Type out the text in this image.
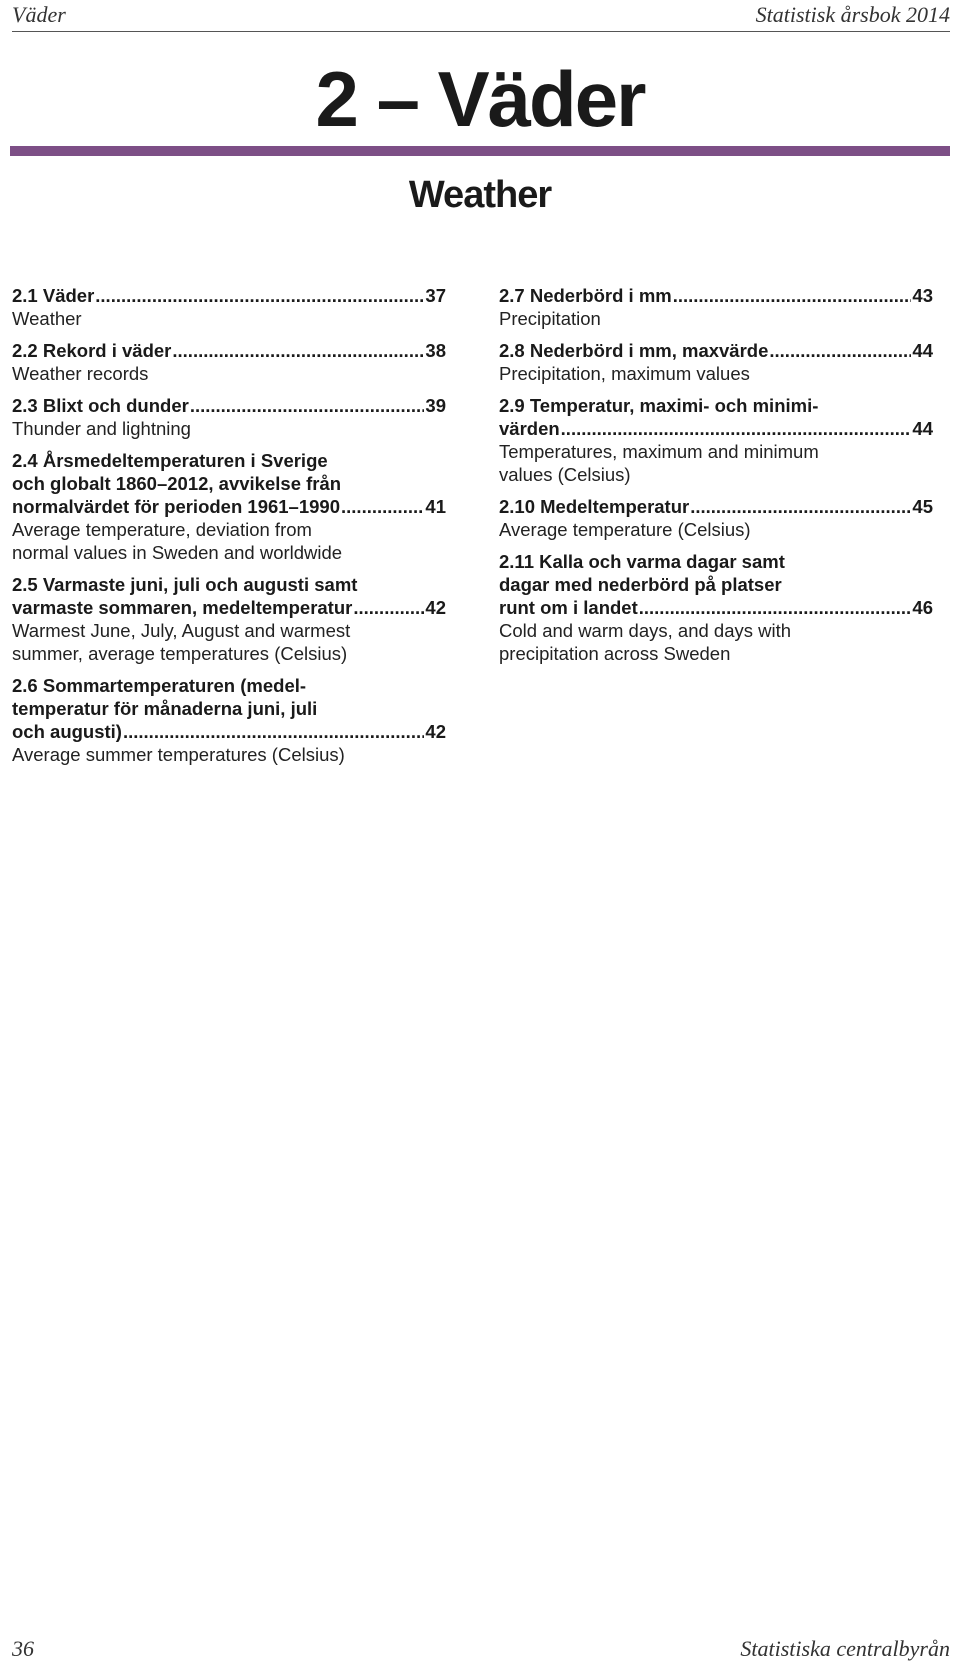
Väder	Statistisk årsbok 2014
2 – Väder
Weather
2.1 Väder .....	37
Weather
2.2 Rekord i väder .....	38
Weather records
2.3 Blixt och dunder .....	39
Thunder and lightning
2.4 Årsmedeltemperaturen i Sverige
och globalt 1860–2012, avvikelse från
normalvärdet för perioden 1961–1990 .....	41
Average temperature, deviation from
normal values in Sweden and worldwide
2.5 Varmaste juni, juli och augusti samt
varmaste sommaren, medeltemperatur .....	42
Warmest June, July, August and warmest
summer, average temperatures (Celsius)
2.6 Sommartemperaturen (medel-
temperatur för månaderna juni, juli
och augusti) .....	42
Average summer temperatures (Celsius)
2.7 Nederbörd i mm .....	43
Precipitation
2.8 Nederbörd i mm, maxvärde .....	44
Precipitation, maximum values
2.9 Temperatur, maximi- och minimi-
värden .....	44
Temperatures, maximum and minimum
values (Celsius)
2.10 Medeltemperatur .....	45
Average temperature (Celsius)
2.11 Kalla och varma dagar samt
dagar med nederbörd på platser
runt om i landet .....	46
Cold and warm days, and days with
precipitation across Sweden
36	Statistiska centralbyrån
